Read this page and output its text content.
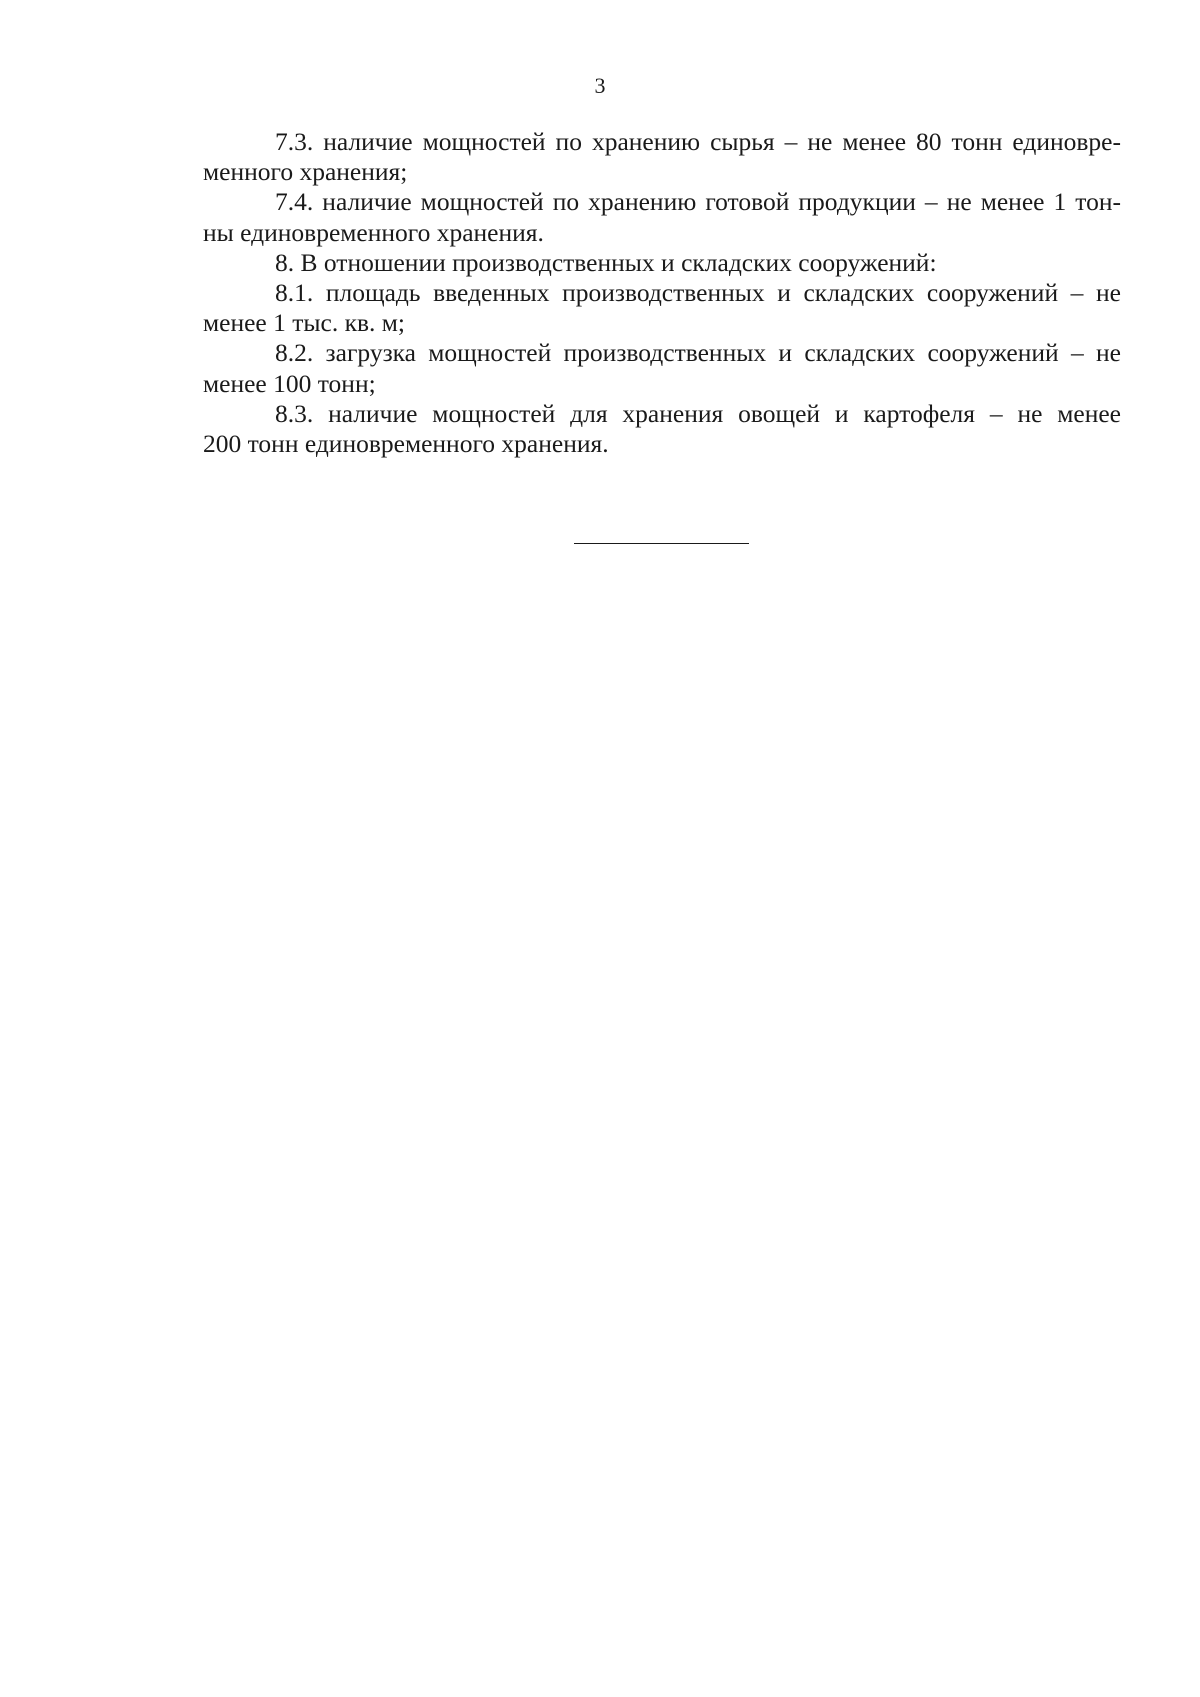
3

7.3. наличие мощностей по хранению сырья – не менее 80 тонн единовре-
менного хранения;

7.4. наличие мощностей по хранению готовой продукции – не менее 1 тон-
ны единовременного хранения.

8. В отношении производственных и складских сооружений:

8.1. площадь введенных производственных и складских сооружений – не
менее 1 тыс. кв. м;

8.2. загрузка мощностей производственных и складских сооружений – не
менее 100 тонн;

8.3. наличие мощностей для хранения овощей и картофеля – не менее
200 тонн единовременного хранения.
